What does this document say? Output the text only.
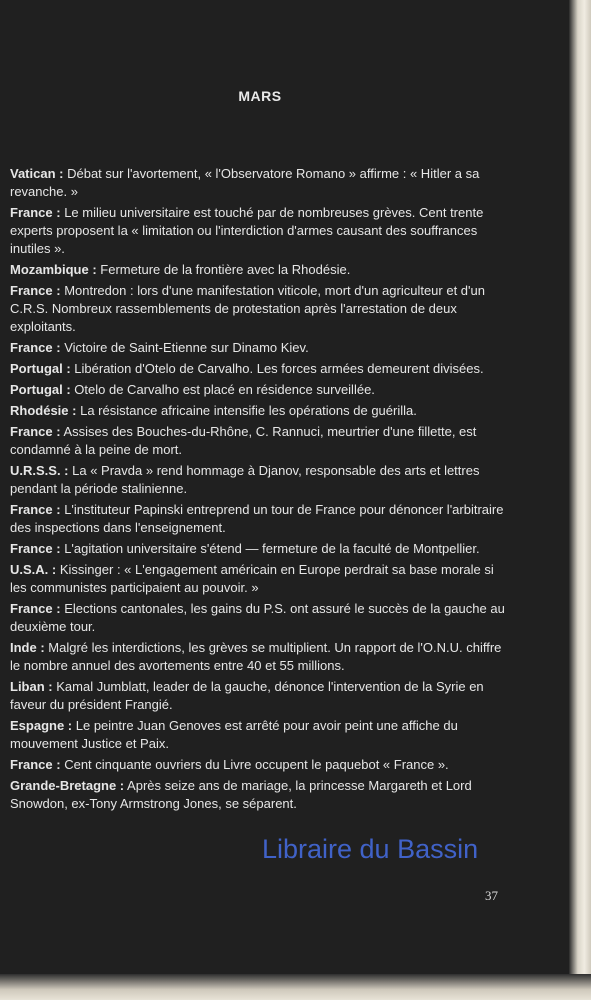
MARS
Vatican : Débat sur l'avortement, « l'Observatore Romano » affirme : « Hitler a sa revanche. »
France : Le milieu universitaire est touché par de nombreuses grèves. Cent trente experts proposent la « limitation ou l'interdiction d'armes causant des souffrances inutiles ».
Mozambique : Fermeture de la frontière avec la Rhodésie.
France : Montredon : lors d'une manifestation viticole, mort d'un agriculteur et d'un C.R.S. Nombreux rassemblements de protestation après l'arrestation de deux exploitants.
France : Victoire de Saint-Etienne sur Dinamo Kiev.
Portugal : Libération d'Otelo de Carvalho. Les forces armées demeurent divisées.
Portugal : Otelo de Carvalho est placé en résidence surveillée.
Rhodésie : La résistance africaine intensifie les opérations de guérilla.
France : Assises des Bouches-du-Rhône, C. Rannuci, meurtrier d'une fillette, est condamné à la peine de mort.
U.R.S.S. : La « Pravda » rend hommage à Djanov, responsable des arts et lettres pendant la période stalinienne.
France : L'instituteur Papinski entreprend un tour de France pour dénoncer l'arbitraire des inspections dans l'enseignement.
France : L'agitation universitaire s'étend — fermeture de la faculté de Montpellier.
U.S.A. : Kissinger : « L'engagement américain en Europe perdrait sa base morale si les communistes participaient au pouvoir. »
France : Elections cantonales, les gains du P.S. ont assuré le succès de la gauche au deuxième tour.
Inde : Malgré les interdictions, les grèves se multiplient. Un rapport de l'O.N.U. chiffre le nombre annuel des avortements entre 40 et 55 millions.
Liban : Kamal Jumblatt, leader de la gauche, dénonce l'intervention de la Syrie en faveur du président Frangié.
Espagne : Le peintre Juan Genoves est arrêté pour avoir peint une affiche du mouvement Justice et Paix.
France : Cent cinquante ouvriers du Livre occupent le paquebot « France ».
Grande-Bretagne : Après seize ans de mariage, la princesse Margareth et Lord Snowdon, ex-Tony Armstrong Jones, se séparent.
37
Libraire du Bassin
